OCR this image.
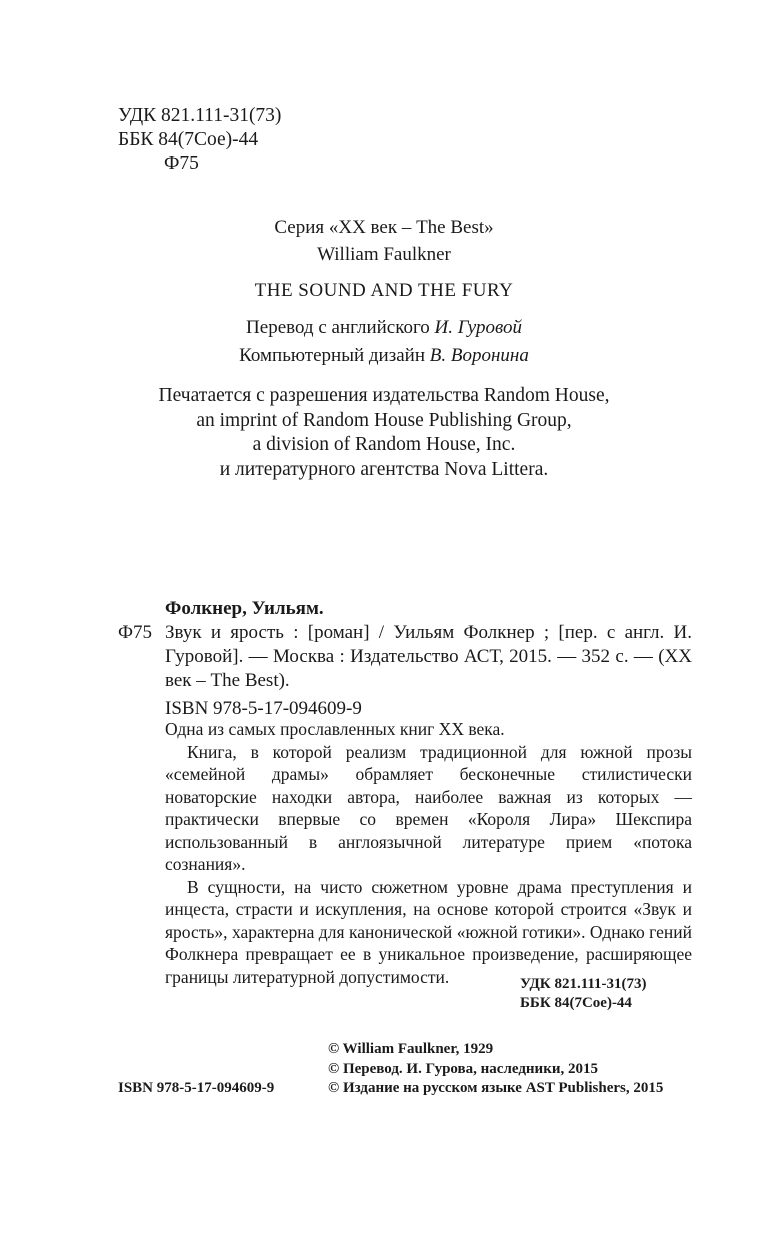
УДК 821.111-31(73)
ББК 84(7Сое)-44
Ф75
Серия «XX век – The Best»
William Faulkner
THE SOUND AND THE FURY
Перевод с английского И. Гуровой
Компьютерный дизайн В. Воронина
Печатается с разрешения издательства Random House,
an imprint of Random House Publishing Group,
a division of Random House, Inc.
и литературного агентства Nova Littera.
Фолкнер, Уильям.
Ф75 Звук и ярость : [роман] / Уильям Фолкнер ; [пер. с англ. И. Гуровой]. — Москва : Издательство АСТ, 2015. — 352 с. — (XX век – The Best).
ISBN 978-5-17-094609-9

Одна из самых прославленных книг XX века.

Книга, в которой реализм традиционной для южной прозы «семейной драмы» обрамляет бесконечные стилистически новаторские находки автора, наиболее важная из которых — практически впервые со времен «Короля Лира» Шекспира использованный в англоязычной литературе прием «потока сознания».

В сущности, на чисто сюжетном уровне драма преступления и инцеста, страсти и искупления, на основе которой строится «Звук и ярость», характерна для канонической «южной готики». Однако гений Фолкнера превращает ее в уникальное произведение, расширяющее границы литературной допустимости.	УДК 821.111-31(73)
ББК 84(7Сое)-44
© William Faulkner, 1929
© Перевод. И. Гурова, наследники, 2015
© Издание на русском языке AST Publishers, 2015
ISBN 978-5-17-094609-9
